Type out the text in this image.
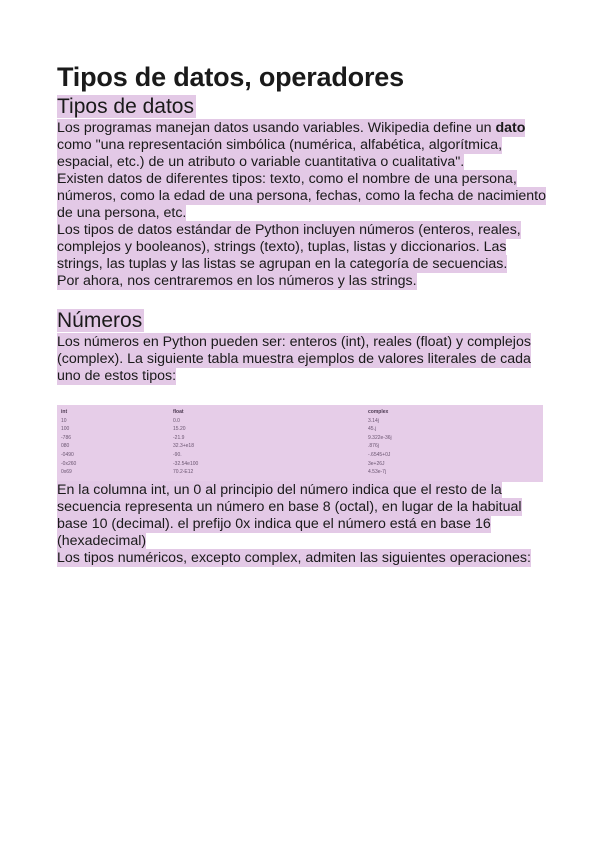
Tipos de datos, operadores
Tipos de datos

Los programas manejan datos usando variables. Wikipedia define un dato como "una representación simbólica (numérica, alfabética, algorítmica, espacial, etc.) de un atributo o variable cuantitativa o cualitativa".

Existen datos de diferentes tipos: texto, como el nombre de una persona, números, como la edad de una persona, fechas, como la fecha de nacimiento de una persona, etc.

Los tipos de datos estándar de Python incluyen números (enteros, reales, complejos y booleanos), strings (texto), tuplas, listas y diccionarios. Las strings, las tuplas y las listas se agrupan en la categoría de secuencias.

Por ahora, nos centraremos en los números y las strings.

Números

Los números en Python pueden ser: enteros (int), reales (float) y complejos (complex). La siguiente tabla muestra ejemplos de valores literales de cada uno de estos tipos:

int	float	complex
10	0.0	3.14j
100	15.20	45.j
-786	-21.9	9.322e-36j
080	32.3+e18	.876j
-0490	-90.	-.6545+0J
-0x260	-32.54e100	3e+26J
0x69	70.2-E12	4.53e-7j

En la columna int, un 0 al principio del número indica que el resto de la secuencia representa un número en base 8 (octal), en lugar de la habitual base 10 (decimal). el prefijo 0x indica que el número está en base 16 (hexadecimal)

Los tipos numéricos, excepto complex, admiten las siguientes operaciones:
